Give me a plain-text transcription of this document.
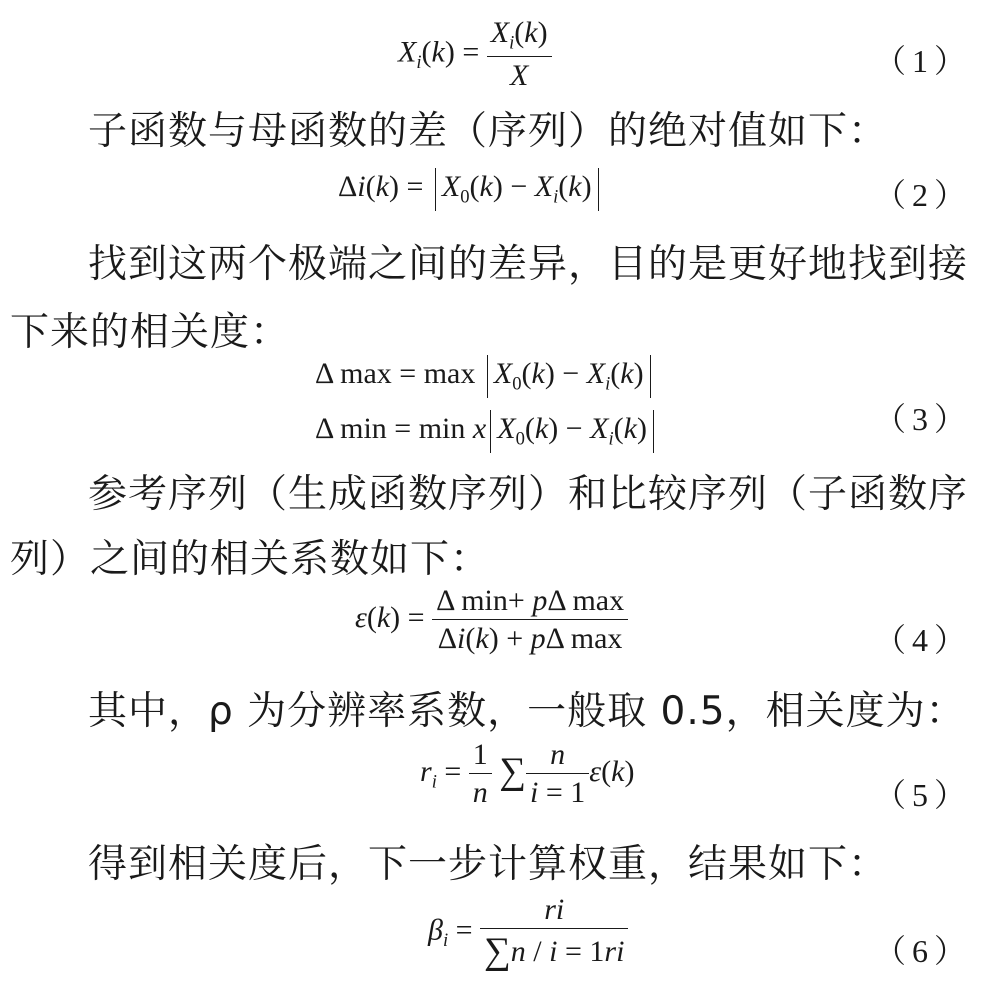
$X_i(k) = \frac{X_i(k)}{X}$	（1）
子函数与母函数的差（序列）的绝对值如下：
$\Delta i(k) = X_0(k) - X_i(k)$	（2）
找到这两个极端之间的差异，目的是更好地找到接
下来的相关度：
Δ $\max = \max X_0(k) - X_i(k)$
Δ min = min x $X_0(k) - X_i(k)$	（3）
参考序列（生成函数序列）和比较序列（子函数序
列）之间的相关系数如下：
$\varepsilon(k) = \frac{\text{Δ min+ pΔ max}}{\text{Δi(k) + pΔ max}}$	（4）
其中，ρ 为分辨率系数，一般取 0.5，相关度为：
$r_i = \frac{1}{n}$ ∑ $\frac{n}{i = 1} \varepsilon(k)$
（5）
得到相关度后，下一步计算权重，结果如下：
$\beta_i = \frac{ri}{\sum n / i = 1ri}$	（6）
